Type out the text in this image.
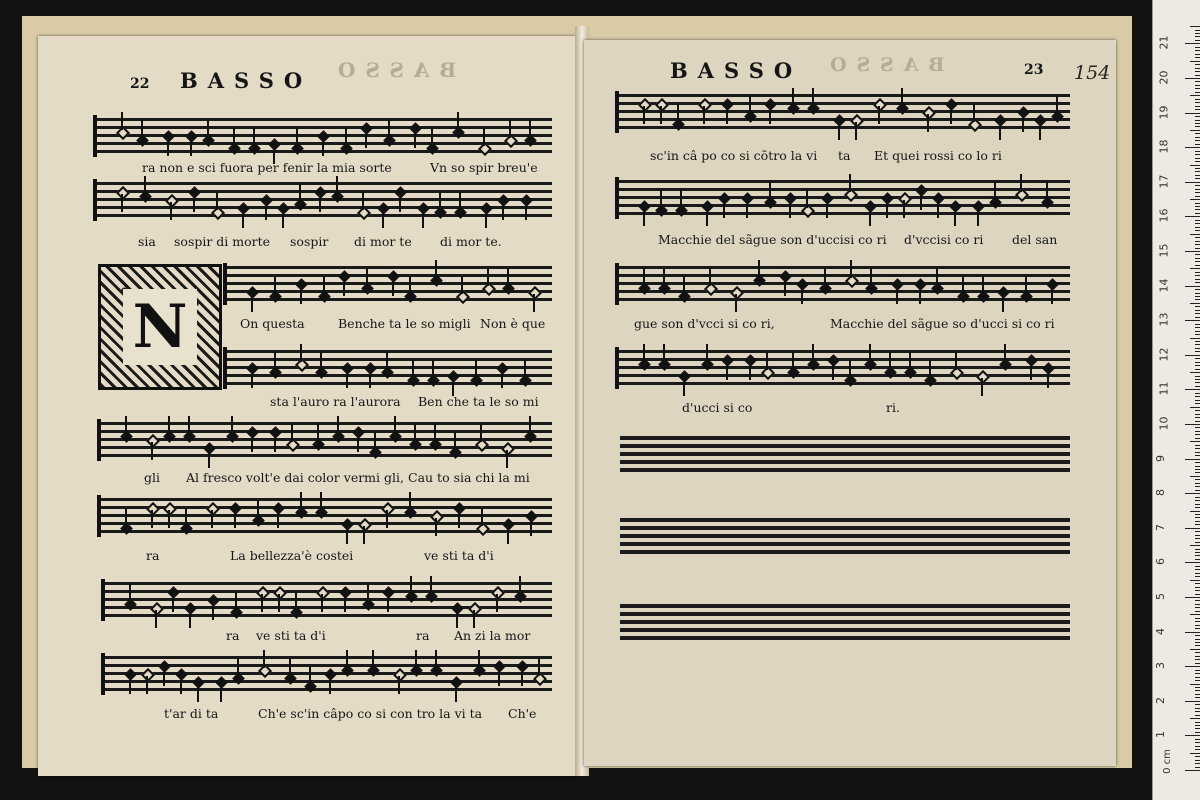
BASSO
22 BASSO
N
ra non e sci fuora per fenir la mia sorte	Vn so spir breu'e
sia sospir di morte sospir di mor te di mor te.
On questa	Benche ta le so migli Non è que
sta l'auro ra l'aurora Ben che ta le so mi
gli Al fresco volt'e dai color vermi gli, Cau to sia chi la mi
ra	La bellezza'è costei	ve sti ta d'i
ra ve sti ta d'i	ra An zi la mor
t'ar di ta	Ch'e sc'in câpo co si con tro la vi ta Ch'e
BASSO BASSO	23 154
sc'in câ po co si cõtro la vi ta Et quei rossi co lo ri
Macchie del sãgue son d'uccisi co ri d'vccisi co ri del san
gue son d'vcci si co ri,	Macchie del sãgue so d'ucci si co ri
d'ucci si co	ri.
0 cm
1
2
3
4
5
6
7
8
9
10
11
12
13
14
15
16
17
18
19
20
21
